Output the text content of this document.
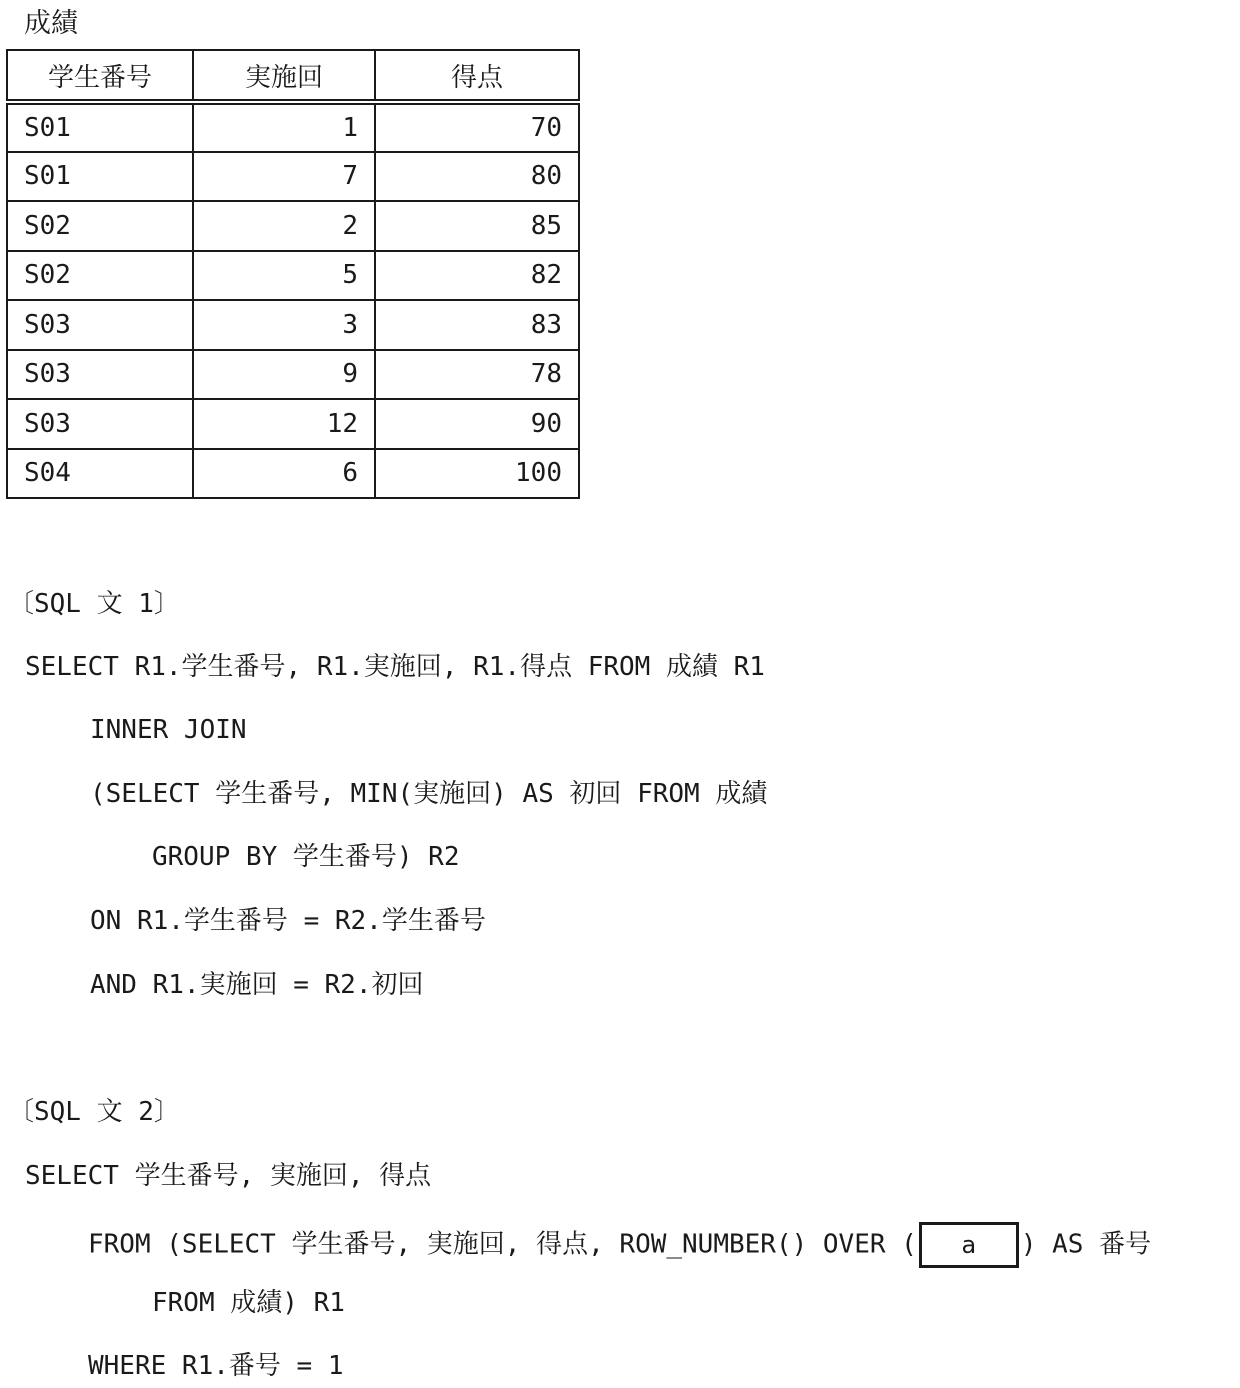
成績
学生番号	実施回	得点
S01	1	70
S01	7	80
S02	2	85
S02	5	82
S03	3	83
S03	9	78
S03	12	90
S04	6	100
〔SQL 文 1〕
SELECT R1.学生番号, R1.実施回, R1.得点 FROM 成績 R1
INNER JOIN
(SELECT 学生番号, MIN(実施回) AS 初回 FROM 成績
GROUP BY 学生番号) R2
ON R1.学生番号 = R2.学生番号
AND R1.実施回 = R2.初回
〔SQL 文 2〕
SELECT 学生番号, 実施回, 得点
FROM (SELECT 学生番号, 実施回, 得点, ROW_NUMBER() OVER ( a ) AS 番号
FROM 成績) R1
WHERE R1.番号 = 1
